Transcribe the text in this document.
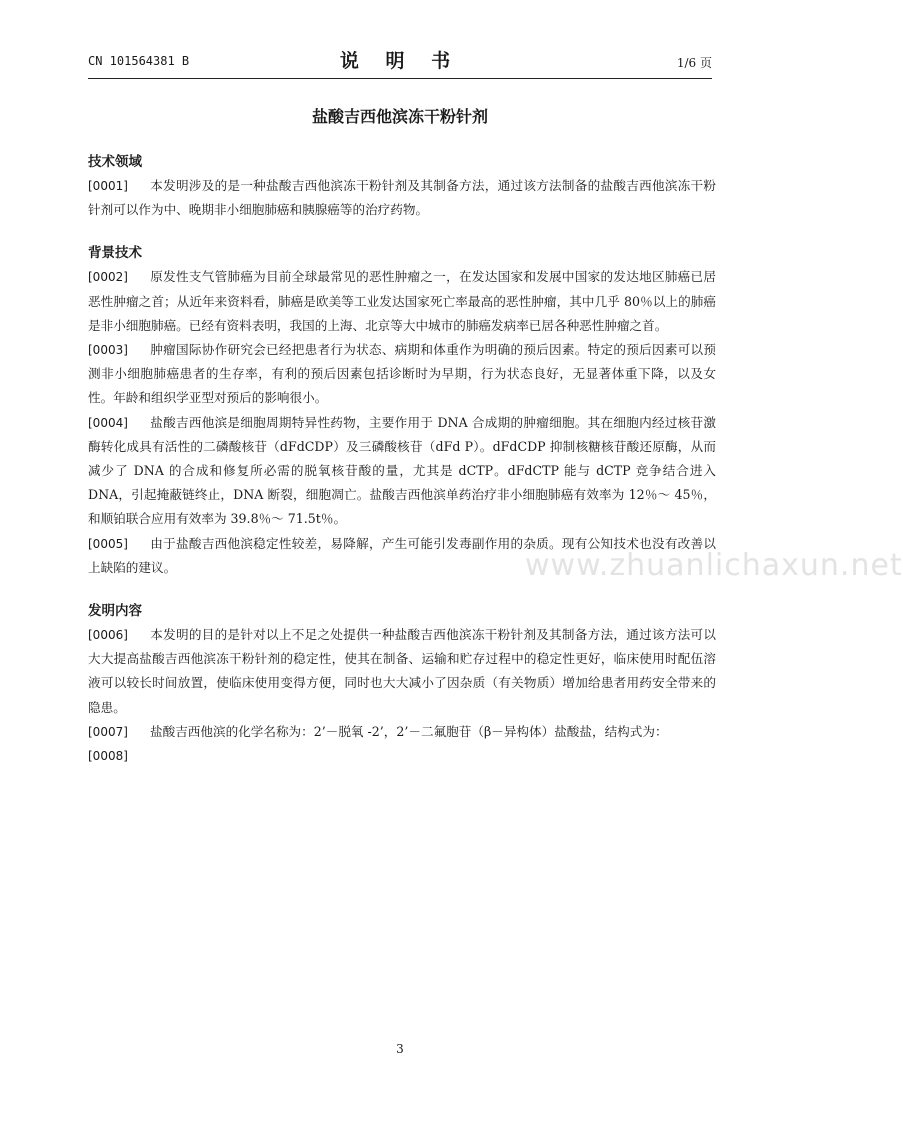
CN 101564381 B	说 明 书	1/6 页
盐酸吉西他滨冻干粉针剂
技术领域
[0001] 本发明涉及的是一种盐酸吉西他滨冻干粉针剂及其制备方法，通过该方法制备的盐酸吉西他滨冻干粉针剂可以作为中、晚期非小细胞肺癌和胰腺癌等的治疗药物。
背景技术
[0002] 原发性支气管肺癌为目前全球最常见的恶性肿瘤之一，在发达国家和发展中国家的发达地区肺癌已居恶性肿瘤之首；从近年来资料看，肺癌是欧美等工业发达国家死亡率最高的恶性肿瘤，其中几乎 80％以上的肺癌是非小细胞肺癌。已经有资料表明，我国的上海、北京等大中城市的肺癌发病率已居各种恶性肿瘤之首。
[0003] 肿瘤国际协作研究会已经把患者行为状态、病期和体重作为明确的预后因素。特定的预后因素可以预测非小细胞肺癌患者的生存率，有利的预后因素包括诊断时为早期，行为状态良好，无显著体重下降，以及女性。年龄和组织学亚型对预后的影响很小。
[0004] 盐酸吉西他滨是细胞周期特异性药物，主要作用于 DNA 合成期的肿瘤细胞。其在细胞内经过核苷激酶转化成具有活性的二磷酸核苷（dFdCDP）及三磷酸核苷（dFd P）。dFdCDP 抑制核糖核苷酸还原酶，从而减少了 DNA 的合成和修复所必需的脱氧核苷酸的量，尤其是 dCTP。dFdCTP 能与 dCTP 竞争结合进入 DNA，引起掩蔽链终止，DNA 断裂，细胞凋亡。盐酸吉西他滨单药治疗非小细胞肺癌有效率为 12％～ 45％，和顺铂联合应用有效率为 39.8％～ 71.5t％。
[0005] 由于盐酸吉西他滨稳定性较差，易降解，产生可能引发毒副作用的杂质。现有公知技术也没有改善以上缺陷的建议。
发明内容
[0006] 本发明的目的是针对以上不足之处提供一种盐酸吉西他滨冻干粉针剂及其制备方法，通过该方法可以大大提高盐酸吉西他滨冻干粉针剂的稳定性，使其在制备、运输和贮存过程中的稳定性更好，临床使用时配伍溶液可以较长时间放置，使临床使用变得方便，同时也大大减小了因杂质（有关物质）增加给患者用药安全带来的隐患。
[0007] 盐酸吉西他滨的化学名称为：2’－脱氧 -2’，2’－二氟胞苷（β－异构体）盐酸盐，结构式为：
[0008]
www.zhuanlichaxun.net
3
